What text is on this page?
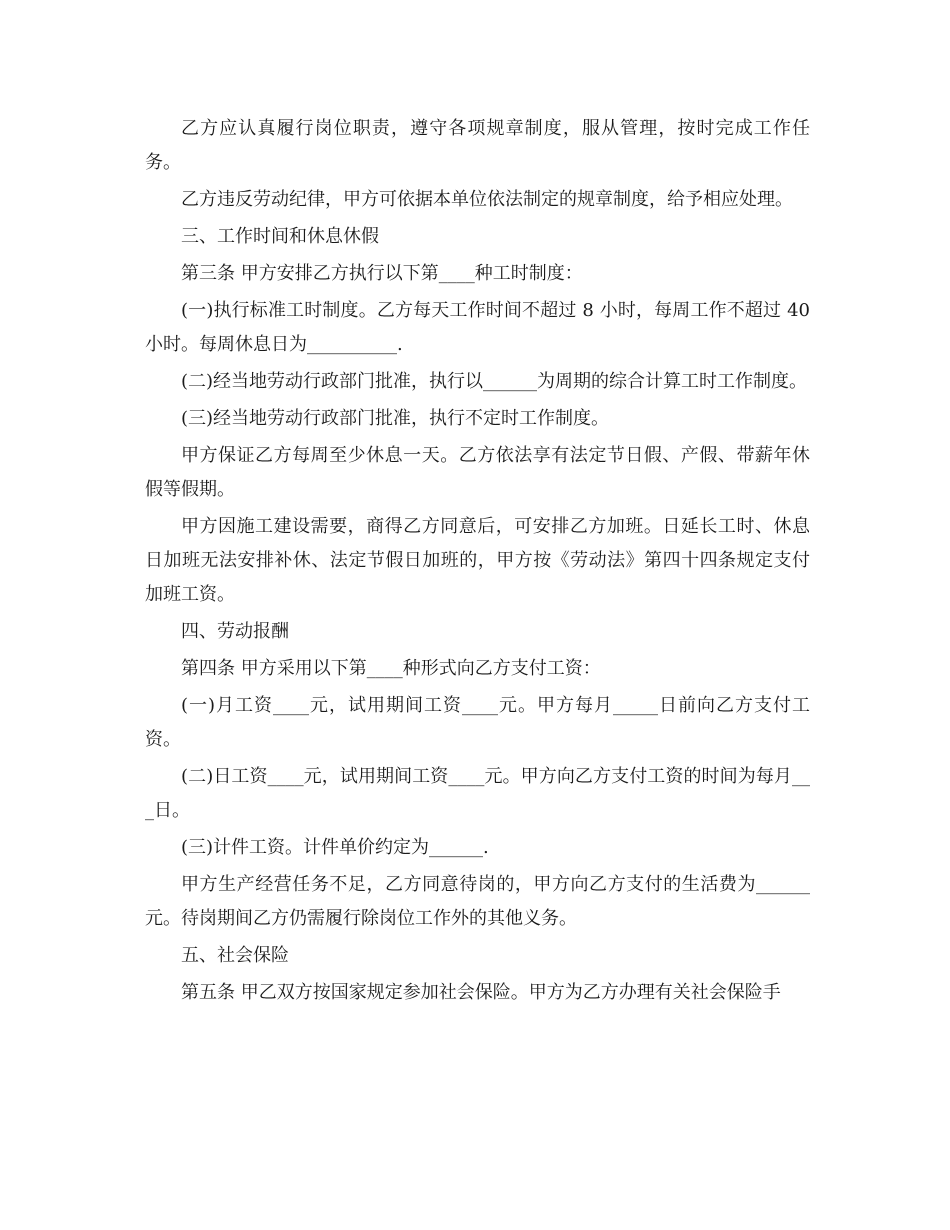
乙方应认真履行岗位职责，遵守各项规章制度，服从管理，按时完成工作任务。

乙方违反劳动纪律，甲方可依据本单位依法制定的规章制度，给予相应处理。

三、工作时间和休息休假

第三条 甲方安排乙方执行以下第____种工时制度：

(一)执行标准工时制度。乙方每天工作时间不超过 8 小时，每周工作不超过 40 小时。每周休息日为__________.

(二)经当地劳动行政部门批准，执行以______为周期的综合计算工时工作制度。

(三)经当地劳动行政部门批准，执行不定时工作制度。

甲方保证乙方每周至少休息一天。乙方依法享有法定节日假、产假、带薪年休假等假期。

甲方因施工建设需要，商得乙方同意后，可安排乙方加班。日延长工时、休息日加班无法安排补休、法定节假日加班的，甲方按《劳动法》第四十四条规定支付加班工资。

四、劳动报酬

第四条 甲方采用以下第____种形式向乙方支付工资：

(一)月工资____元，试用期间工资____元。甲方每月_____日前向乙方支付工资。

(二)日工资____元，试用期间工资____元。甲方向乙方支付工资的时间为每月___日。

(三)计件工资。计件单价约定为______.

甲方生产经营任务不足，乙方同意待岗的，甲方向乙方支付的生活费为______元。待岗期间乙方仍需履行除岗位工作外的其他义务。

五、社会保险

第五条 甲乙双方按国家规定参加社会保险。甲方为乙方办理有关社会保险手
